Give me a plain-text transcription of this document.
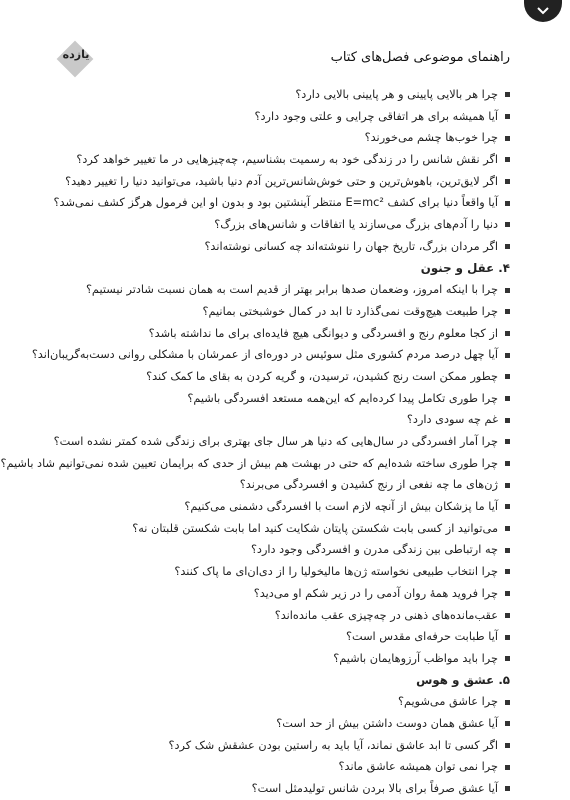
یازده	راهنمای موضوعی فصل‌های کتاب
چرا هر بالایی پایینی و هر پایینی بالایی دارد؟
آیا همیشه برای هر اتفاقی چرایی و علتی وجود دارد؟
چرا خوب‌ها چشم می‌خورند؟
اگر نقش شانس را در زندگی خود به رسمیت بشناسیم، چه‌چیزهایی در ما تغییر خواهد کرد؟
اگر لایق‌ترین، باهوش‌ترین و حتی خوش‌شانس‌ترین آدم دنیا باشید، می‌توانید دنیا را تغییر دهید؟
آیا واقعاً دنیا برای کشف E=mc² منتظر آینشتین بود و بدون او این فرمول هرگز کشف نمی‌شد؟
دنیا را آدم‌های بزرگ می‌سازند یا اتفاقات و شانس‌های بزرگ؟
اگر مردان بزرگ، تاریخ جهان را ننوشته‌اند چه کسانی نوشته‌اند؟
۴. عقل و جنون
چرا با اینکه امروز، وضعمان صدها برابر بهتر از قدیم است به همان نسبت شادتر نیستیم؟
چرا طبیعت هیچ‌وقت نمی‌گذارد تا ابد در کمال خوشبختی بمانیم؟
از کجا معلوم رنج و افسردگی و دیوانگی هیچ فایده‌ای برای ما نداشته باشد؟
آیا چهل درصد مردم کشوری مثل سوئیس در دوره‌ای از عمرشان با مشکلی روانی دست‌به‌گریبان‌اند؟
چطور ممکن است رنج کشیدن، ترسیدن، و گریه کردن به بقای ما کمک کند؟
چرا طوری تکامل پیدا کرده‌ایم که این‌همه مستعد افسردگی باشیم؟
غم چه سودی دارد؟
چرا آمار افسردگی در سال‌هایی که دنیا هر سال جای بهتری برای زندگی شده کمتر نشده است؟
چرا طوری ساخته شده‌ایم که حتی در بهشت هم بیش از حدی که برایمان تعیین شده نمی‌توانیم شاد باشیم؟
ژن‌های ما چه نفعی از رنج کشیدن و افسردگی می‌برند؟
آیا ما پزشکان بیش از آنچه لازم است با افسردگی دشمنی می‌کنیم؟
می‌توانید از کسی بابت شکستن پایتان شکایت کنید اما بابت شکستن قلبتان نه؟
چه ارتباطی بین زندگی مدرن و افسردگی وجود دارد؟
چرا انتخاب طبیعی نخواسته ژن‌ها مالیخولیا را از دی‌ان‌ای ما پاک کنند؟
چرا فروید همهٔ روان آدمی را در زیر شکم او می‌دید؟
عقب‌مانده‌های ذهنی در چه‌چیزی عقب مانده‌اند؟
آیا طبابت حرفه‌ای مقدس است؟
چرا باید مواظب آرزوهایمان باشیم؟
۵. عشق و هوس
چرا عاشق می‌شویم؟
آیا عشق همان دوست داشتن بیش از حد است؟
اگر کسی تا ابد عاشق نماند، آیا باید به راستین بودن عشقش شک کرد؟
چرا نمی توان همیشه عاشق ماند؟
آیا عشق صرفاً برای بالا بردن شانس تولیدمثل است؟
